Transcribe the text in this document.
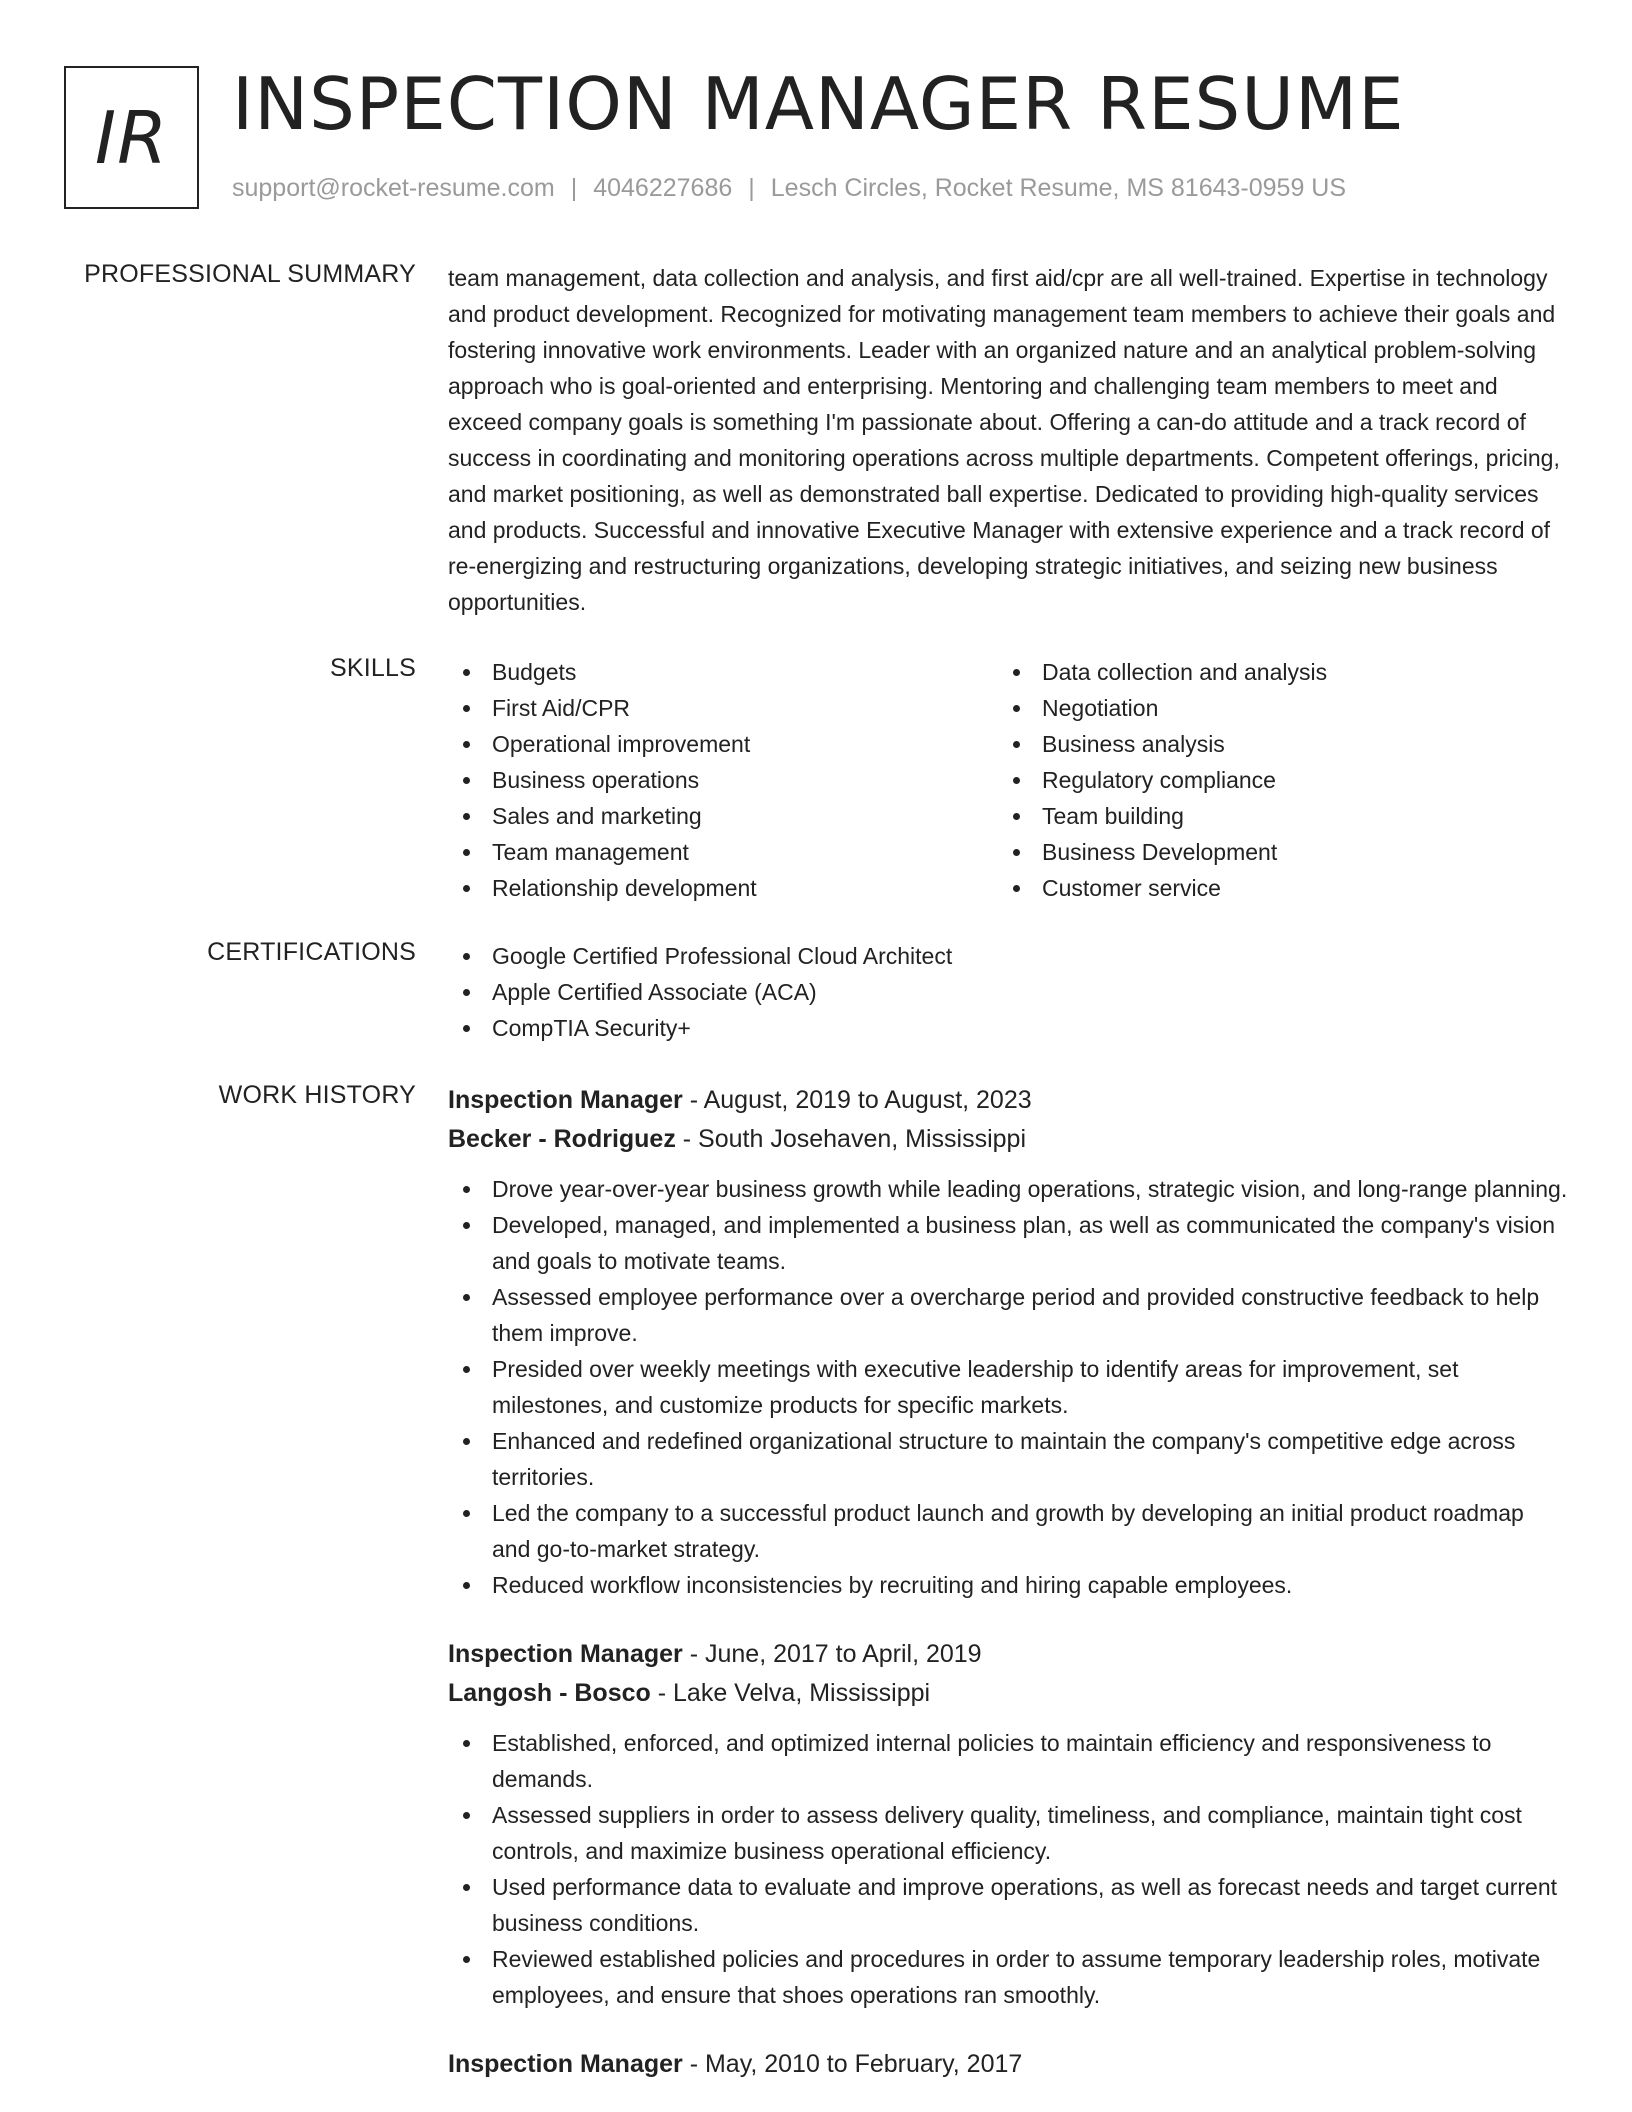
IR INSPECTION MANAGER RESUME
support@rocket-resume.com | 4046227686 | Lesch Circles, Rocket Resume, MS 81643-0959 US
PROFESSIONAL SUMMARY team management, data collection and analysis, and first aid/cpr are all well-trained. Expertise in technology and product development. Recognized for motivating management team members to achieve their goals and fostering innovative work environments. Leader with an organized nature and an analytical problem-solving approach who is goal-oriented and enterprising. Mentoring and challenging team members to meet and exceed company goals is something I'm passionate about. Offering a can-do attitude and a track record of success in coordinating and monitoring operations across multiple departments. Competent offerings, pricing, and market positioning, as well as demonstrated ball expertise. Dedicated to providing high-quality services and products. Successful and innovative Executive Manager with extensive experience and a track record of re-energizing and restructuring organizations, developing strategic initiatives, and seizing new business opportunities.

SKILLS	Budgets
First Aid/CPR
Operational improvement
Business operations
Sales and marketing
Team management
Relationship development
Data collection and analysis
Negotiation
Business analysis
Regulatory compliance
Team building
Business Development
Customer service
CERTIFICATIONS	Google Certified Professional Cloud Architect
Apple Certified Associate (ACA)
CompTIA Security+
WORK HISTORY Inspection Manager - August, 2019 to August, 2023
Becker - Rodriguez - South Josehaven, Mississippi
Drove year-over-year business growth while leading operations, strategic vision, and long-range planning.
Developed, managed, and implemented a business plan, as well as communicated the company's vision and goals to motivate teams.
Assessed employee performance over a overcharge period and provided constructive feedback to help them improve.
Presided over weekly meetings with executive leadership to identify areas for improvement, set milestones, and customize products for specific markets.
Enhanced and redefined organizational structure to maintain the company's competitive edge across territories.
Led the company to a successful product launch and growth by developing an initial product roadmap and go-to-market strategy.
Reduced workflow inconsistencies by recruiting and hiring capable employees.
Inspection Manager - June, 2017 to April, 2019
Langosh - Bosco - Lake Velva, Mississippi
Established, enforced, and optimized internal policies to maintain efficiency and responsiveness to demands.
Assessed suppliers in order to assess delivery quality, timeliness, and compliance, maintain tight cost controls, and maximize business operational efficiency.
Used performance data to evaluate and improve operations, as well as forecast needs and target current business conditions.
Reviewed established policies and procedures in order to assume temporary leadership roles, motivate employees, and ensure that shoes operations ran smoothly.
Inspection Manager - May, 2010 to February, 2017
